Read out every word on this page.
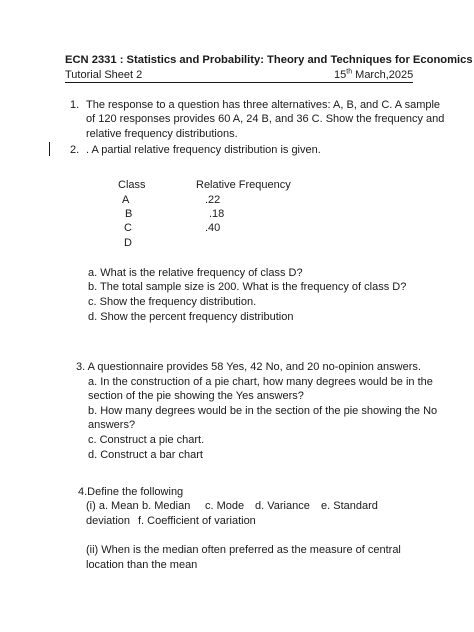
ECN 2331 : Statistics and Probability: Theory and Techniques for Economics
Tutorial Sheet 2	15th March,2025
1. The response to a question has three alternatives: A, B, and C. A sample
of 120 responses provides 60 A, 24 B, and 36 C. Show the frequency and
relative frequency distributions.
2. . A partial relative frequency distribution is given.
Class	Relative Frequency
A	.22
B	.18
C	.40
D
a. What is the relative frequency of class D?
b. The total sample size is 200. What is the frequency of class D?
c. Show the frequency distribution.
d. Show the percent frequency distribution
3. A questionnaire provides 58 Yes, 42 No, and 20 no-opinion answers.
a. In the construction of a pie chart, how many degrees would be in the
section of the pie showing the Yes answers?
b. How many degrees would be in the section of the pie showing the No
answers?
c. Construct a pie chart.
d. Construct a bar chart
4.Define the following
(i) a. Mean b. Median c. Mode d. Variance e. Standard
deviation f. Coefficient of variation
(ii) When is the median often preferred as the measure of central
location than the mean
